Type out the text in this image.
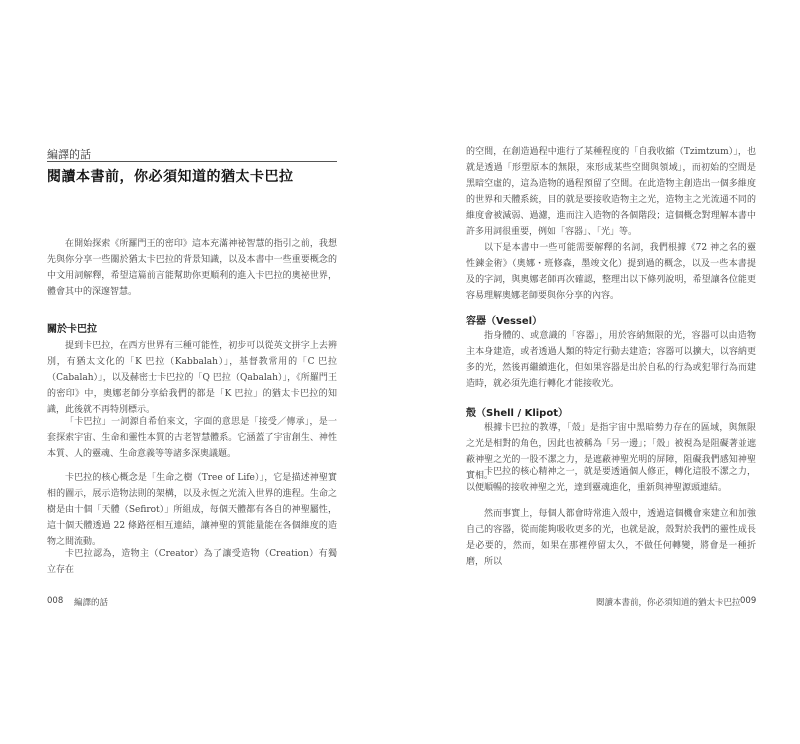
編譯的話
閱讀本書前，你必須知道的猶太卡巴拉

在開始探索《所羅門王的密印》這本充滿神祕智慧的指引之前，我想先與你分享一些關於猶太卡巴拉的背景知識，以及本書中一些重要概念的中文用詞解釋，希望這篇前言能幫助你更順利的進入卡巴拉的奧祕世界，體會其中的深邃智慧。

關於卡巴拉

提到卡巴拉，在西方世界有三種可能性，初步可以從英文拼字上去辨別，有猶太文化的「K 巴拉（Kabbalah）」，基督教常用的「C 巴拉（Cabalah）」，以及赫密士卡巴拉的「Q 巴拉（Qabalah）」，《所羅門王的密印》中，奧娜老師分享給我們的都是「K 巴拉」的猶太卡巴拉的知識，此後就不再特別標示。

「卡巴拉」一詞源自希伯來文，字面的意思是「接受／傳承」，是一套探索宇宙、生命和靈性本質的古老智慧體系。它涵蓋了宇宙創生、神性本質、人的靈魂、生命意義等等諸多深奧議題。

卡巴拉的核心概念是「生命之樹（Tree of Life）」，它是描述神聖實相的圖示，展示造物法則的架構，以及永恆之光流入世界的進程。生命之樹是由十個「天體（Sefirot）」所組成，每個天體都有各自的神聖屬性，這十個天體透過 22 條路徑相互連結，讓神聖的質能量能在各個維度的造物之間流動。

卡巴拉認為，造物主（Creator）為了讓受造物（Creation）有獨立存在

008 編譯的話

的空間，在創造過程中進行了某種程度的「自我收縮（Tzimtzum）」，也就是透過「形塑原本的無限，來形成某些空間與領域」，而初始的空間是黑暗空虛的，這為造物的過程預留了空間。在此造物主創造出一個多維度的世界和天體系統，目的就是要接收造物主之光，造物主之光流通不同的維度會被減弱、過濾，進而注入造物的各個階段；這個概念對理解本書中許多用詞很重要，例如「容器」、「光」等。

以下是本書中一些可能需要解釋的名詞，我們根據《72 神之名的靈性鍊金術》（奧娜・班修森，墨竣文化）提到過的概念，以及一些本書提及的字詞，與奧娜老師再次確認，整理出以下條列說明，希望讓各位能更容易理解奧娜老師要與你分享的內容。

容器（Vessel）

指身體的、或意識的「容器」，用於容納無限的光，容器可以由造物主本身建造，或者透過人類的特定行動去建造；容器可以擴大，以容納更多的光，然後再繼續進化，但如果容器是出於自私的行為或犯罪行為而建造時，就必須先進行轉化才能接收光。

殼（Shell / Klipot）

根據卡巴拉的教導，「殼」是指宇宙中黑暗勢力存在的區域，與無限之光是相對的角色，因此也被稱為「另一邊」；「殼」被視為是阻礙著並遮蔽神聖之光的一股不潔之力，是遮蔽神聖光明的屏障，阻礙我們感知神聖實相。

卡巴拉的核心精神之一，就是要透過個人修正，轉化這股不潔之力，以便順暢的接收神聖之光，達到靈魂進化，重新與神聖源頭連結。

然而事實上，每個人都會時常進入殼中，透過這個機會來建立和加強自己的容器，從而能夠吸收更多的光，也就是說，殼對於我們的靈性成長是必要的，然而，如果在那裡停留太久，不做任何轉變，將會是一種折磨，所以

閱讀本書前，你必須知道的猶太卡巴拉 009
